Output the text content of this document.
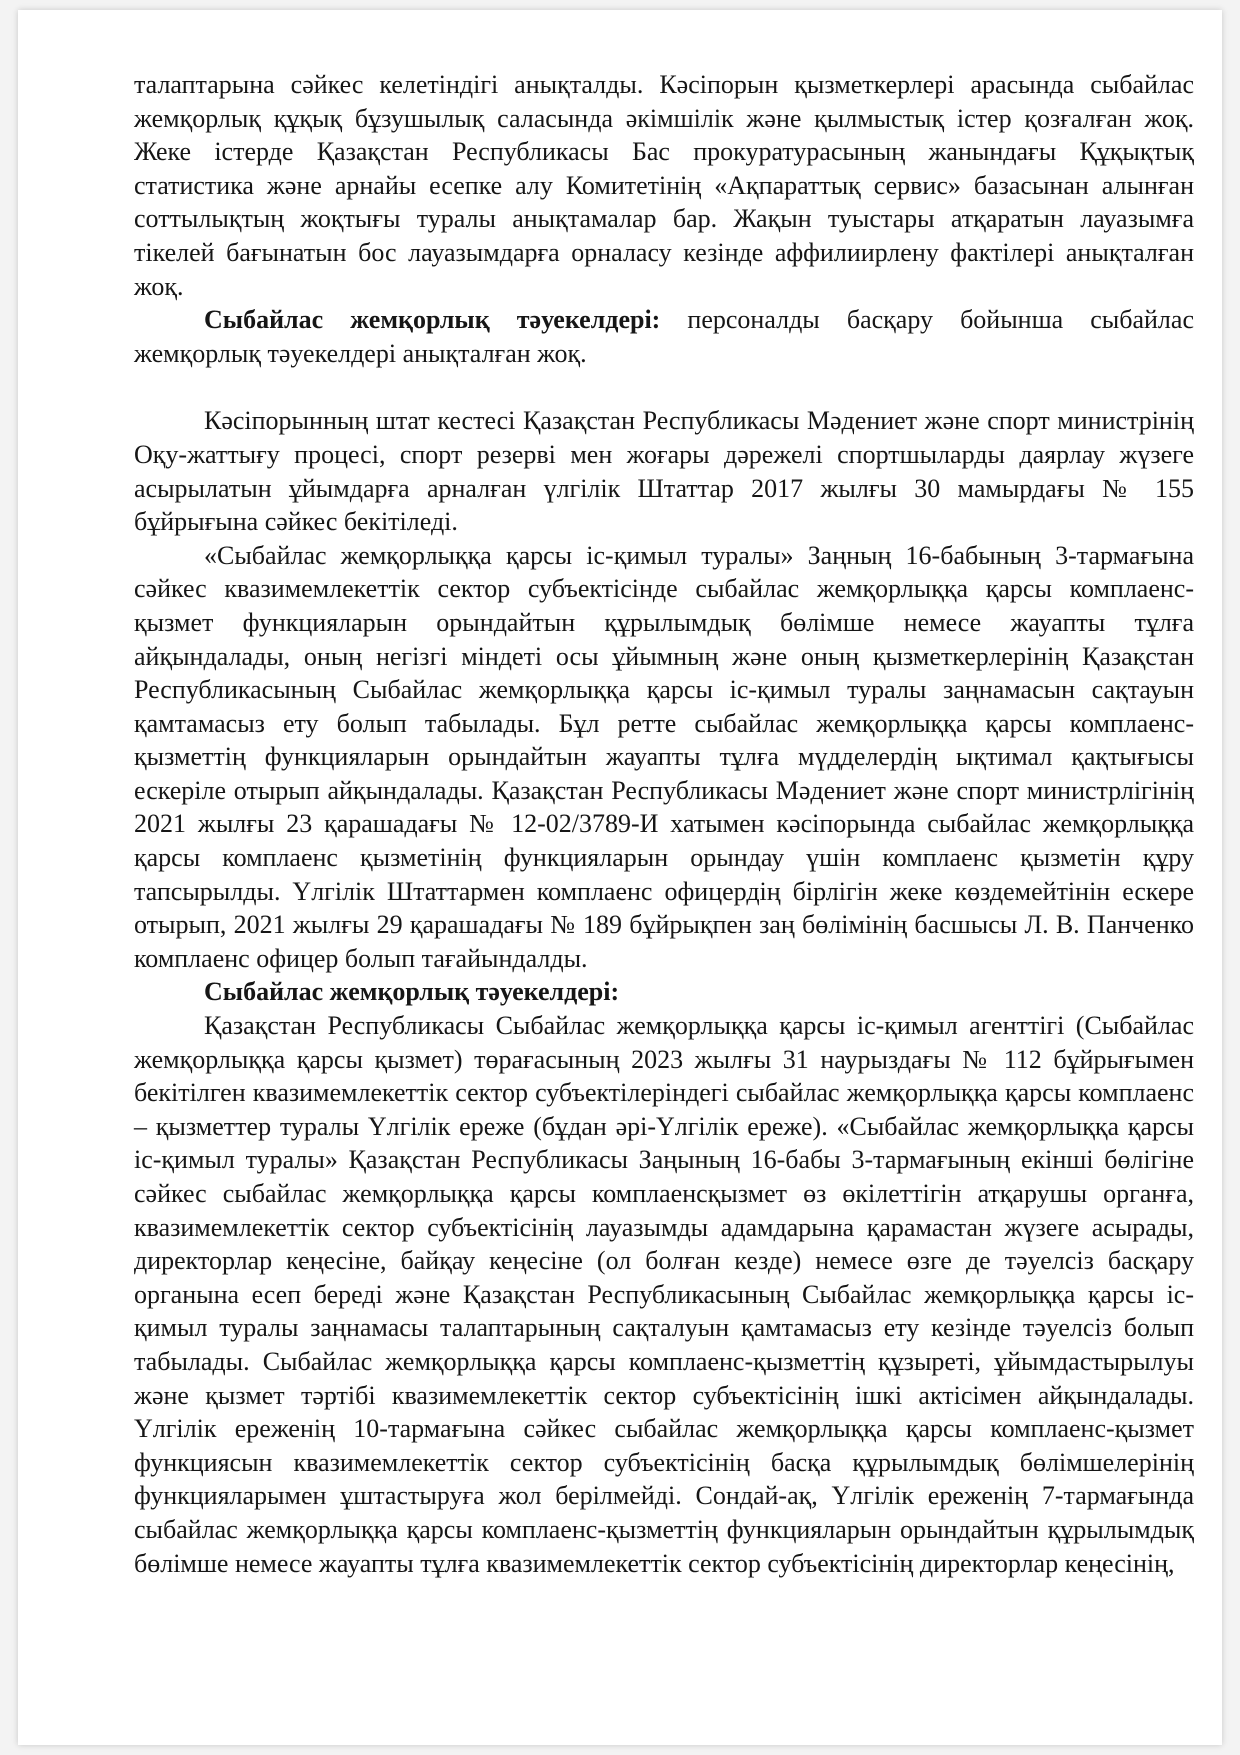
талаптарына сәйкес келетіндігі анықталды. Кәсіпорын қызметкерлері арасында сыбайлас жемқорлық құқық бұзушылық саласында әкімшілік және қылмыстық істер қозғалған жоқ. Жеке істерде Қазақстан Республикасы Бас прокуратурасының жанындағы Құқықтық статистика және арнайы есепке алу Комитетінің «Ақпараттық сервис» базасынан алынған соттылықтың жоқтығы туралы анықтамалар бар. Жақын туыстары атқаратын лауазымға тікелей бағынатын бос лауазымдарға орналасу кезінде аффилиирлену фактілері анықталған жоқ.

Сыбайлас жемқорлық тәуекелдері: персоналды басқару бойынша сыбайлас жемқорлық тәуекелдері анықталған жоқ.

Кәсіпорынның штат кестесі Қазақстан Республикасы Мәдениет және спорт министрінің Оқу-жаттығу процесі, спорт резерві мен жоғары дәрежелі спортшыларды даярлау жүзеге асырылатын ұйымдарға арналған үлгілік Штаттар 2017 жылғы 30 мамырдағы № 155 бұйрығына сәйкес бекітіледі.

«Сыбайлас жемқорлыққа қарсы іс-қимыл туралы» Заңның 16-бабының 3-тармағына сәйкес квазимемлекеттік сектор субъектісінде сыбайлас жемқорлыққа қарсы комплаенс-қызмет функцияларын орындайтын құрылымдық бөлімше немесе жауапты тұлға айқындалады, оның негізгі міндеті осы ұйымның және оның қызметкерлерінің Қазақстан Республикасының Сыбайлас жемқорлыққа қарсы іс-қимыл туралы заңнамасын сақтауын қамтамасыз ету болып табылады. Бұл ретте сыбайлас жемқорлыққа қарсы комплаенс-қызметтің функцияларын орындайтын жауапты тұлға мүдделердің ықтимал қақтығысы ескеріле отырып айқындалады. Қазақстан Республикасы Мәдениет және спорт министрлігінің 2021 жылғы 23 қарашадағы № 12-02/3789-И хатымен кәсіпорында сыбайлас жемқорлыққа қарсы комплаенс қызметінің функцияларын орындау үшін комплаенс қызметін құру тапсырылды. Үлгілік Штаттармен комплаенс офицердің бірлігін жеке көздемейтінін ескере отырып, 2021 жылғы 29 қарашадағы № 189 бұйрықпен заң бөлімінің басшысы Л. В. Панченко комплаенс офицер болып тағайындалды.

Сыбайлас жемқорлық тәуекелдері:

Қазақстан Республикасы Сыбайлас жемқорлыққа қарсы іс-қимыл агенттігі (Сыбайлас жемқорлыққа қарсы қызмет) төрағасының 2023 жылғы 31 наурыздағы № 112 бұйрығымен бекітілген квазимемлекеттік сектор субъектілеріндегі сыбайлас жемқорлыққа қарсы комплаенс – қызметтер туралы Үлгілік ереже (бұдан әрі-Үлгілік ереже). «Сыбайлас жемқорлыққа қарсы іс-қимыл туралы» Қазақстан Республикасы Заңының 16-бабы 3-тармағының екінші бөлігіне сәйкес сыбайлас жемқорлыққа қарсы комплаенсқызмет өз өкілеттігін атқарушы органға, квазимемлекеттік сектор субъектісінің лауазымды адамдарына қарамастан жүзеге асырады, директорлар кеңесіне, байқау кеңесіне (ол болған кезде) немесе өзге де тәуелсіз басқару органына есеп береді және Қазақстан Республикасының Сыбайлас жемқорлыққа қарсы іс-қимыл туралы заңнамасы талаптарының сақталуын қамтамасыз ету кезінде тәуелсіз болып табылады. Сыбайлас жемқорлыққа қарсы комплаенс-қызметтің құзыреті, ұйымдастырылуы және қызмет тәртібі квазимемлекеттік сектор субъектісінің ішкі актісімен айқындалады. Үлгілік ереженің 10-тармағына сәйкес сыбайлас жемқорлыққа қарсы комплаенс-қызмет функциясын квазимемлекеттік сектор субъектісінің басқа құрылымдық бөлімшелерінің функцияларымен ұштастыруға жол берілмейді. Сондай-ақ, Үлгілік ереженің 7-тармағында сыбайлас жемқорлыққа қарсы комплаенс-қызметтің функцияларын орындайтын құрылымдық бөлімше немесе жауапты тұлға квазимемлекеттік сектор субъектісінің директорлар кеңесінің,
